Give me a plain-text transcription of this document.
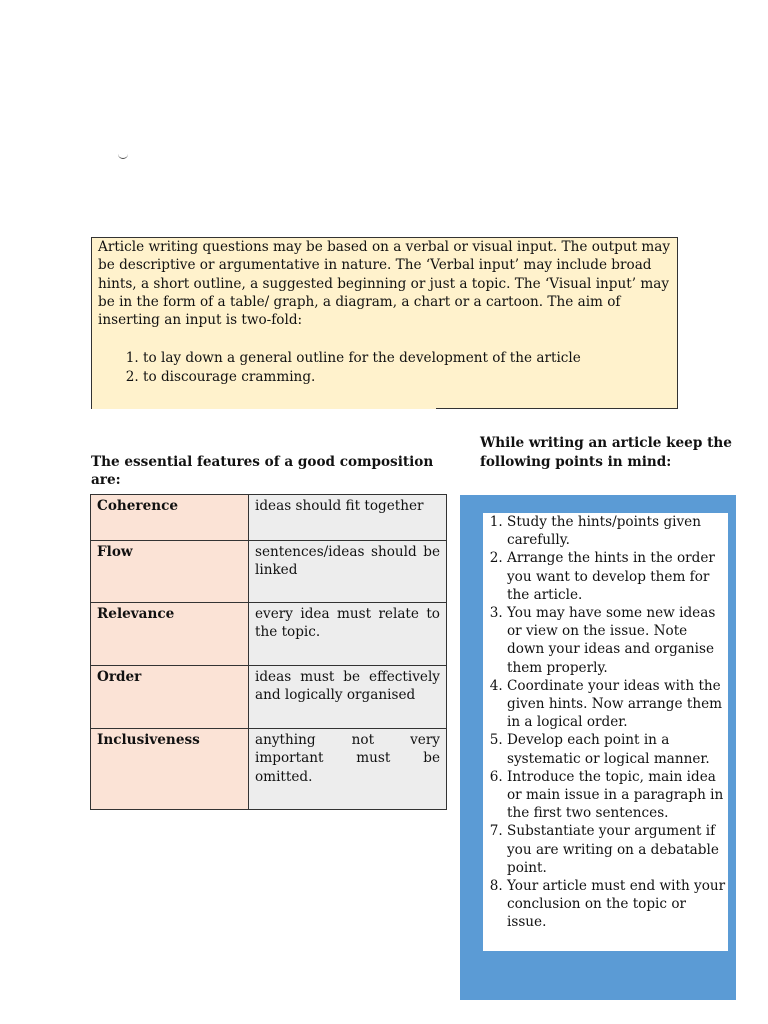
Article writing questions may be based on a verbal or visual input. The output may be descriptive or argumentative in nature. The ‘Verbal input’ may include broad hints, a short outline, a suggested beginning or just a topic. The ‘Visual input’ may be in the form of a table/ graph, a diagram, a chart or a cartoon. The aim of inserting an input is two-fold:

1. to lay down a general outline for the development of the article
2. to discourage cramming.
The essential features of a good composition are:
Coherence	ideas should fit together
Flow	sentences/ideas should be linked
Relevance	every idea must relate to the topic.
Order	ideas must be effectively and logically organised
Inclusiveness	anything not very important must be omitted.
While writing an article keep the following points in mind:
1. Study the hints/points given carefully.
2. Arrange the hints in the order you want to develop them for the article.
3. You may have some new ideas or view on the issue. Note down your ideas and organise them properly.
4. Coordinate your ideas with the given hints. Now arrange them in a logical order.
5. Develop each point in a systematic or logical manner.
6. Introduce the topic, main idea or main issue in a paragraph in the first two sentences.
7. Substantiate your argument if you are writing on a debatable point.
8. Your article must end with your conclusion on the topic or issue.
